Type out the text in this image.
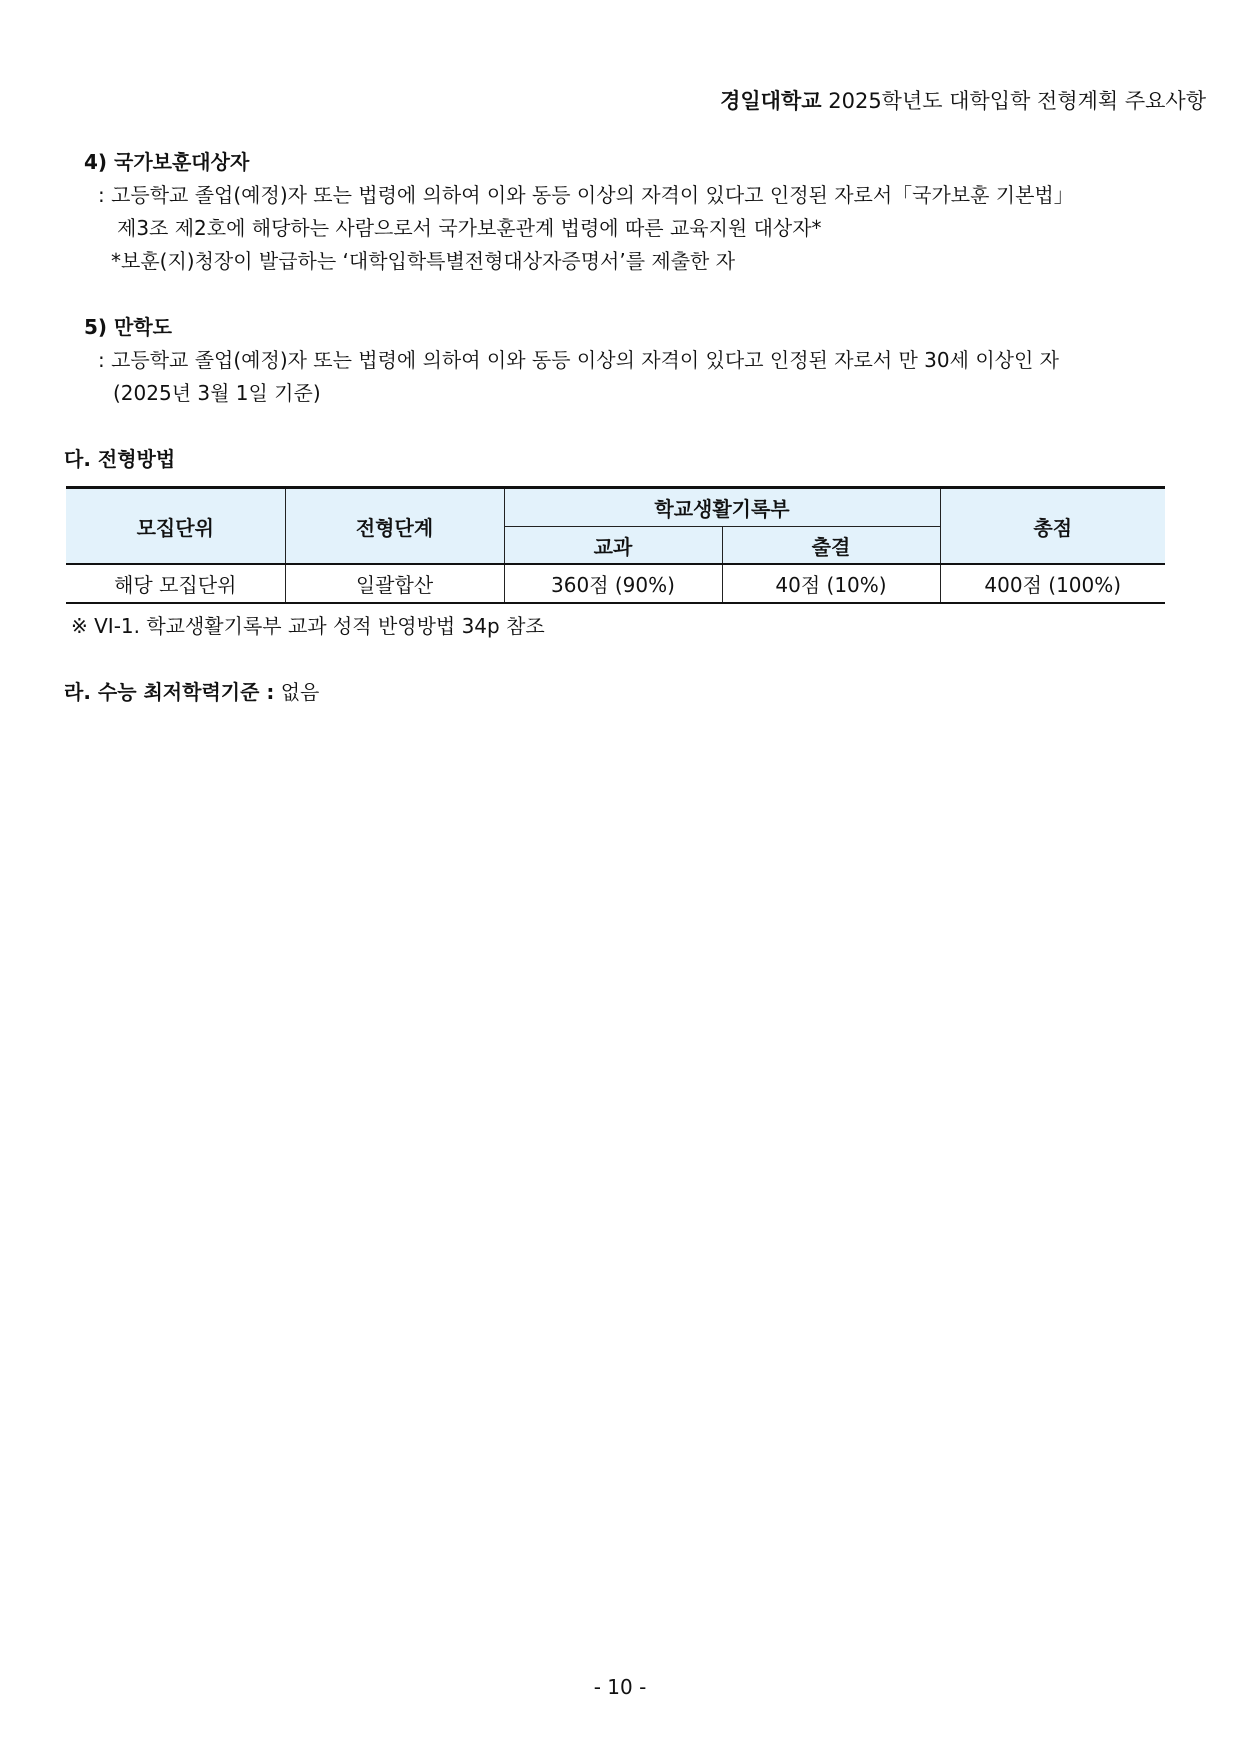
경일대학교 2025학년도 대학입학 전형계획 주요사항
4) 국가보훈대상자
: 고등학교 졸업(예정)자 또는 법령에 의하여 이와 동등 이상의 자격이 있다고 인정된 자로서「국가보훈 기본법」
제3조 제2호에 해당하는 사람으로서 국가보훈관계 법령에 따른 교육지원 대상자*
*보훈(지)청장이 발급하는 ‘대학입학특별전형대상자증명서’를 제출한 자
5) 만학도
: 고등학교 졸업(예정)자 또는 법령에 의하여 이와 동등 이상의 자격이 있다고 인정된 자로서 만 30세 이상인 자
(2025년 3월 1일 기준)
다. 전형방법
모집단위	전형단계	학교생활기록부		총점
		교과	출결	
해당 모집단위	일괄합산	360점 (90%)	40점 (10%)	400점 (100%)
※ VI-1. 학교생활기록부 교과 성적 반영방법 34p 참조
라. 수능 최저학력기준 : 없음
- 10 -
